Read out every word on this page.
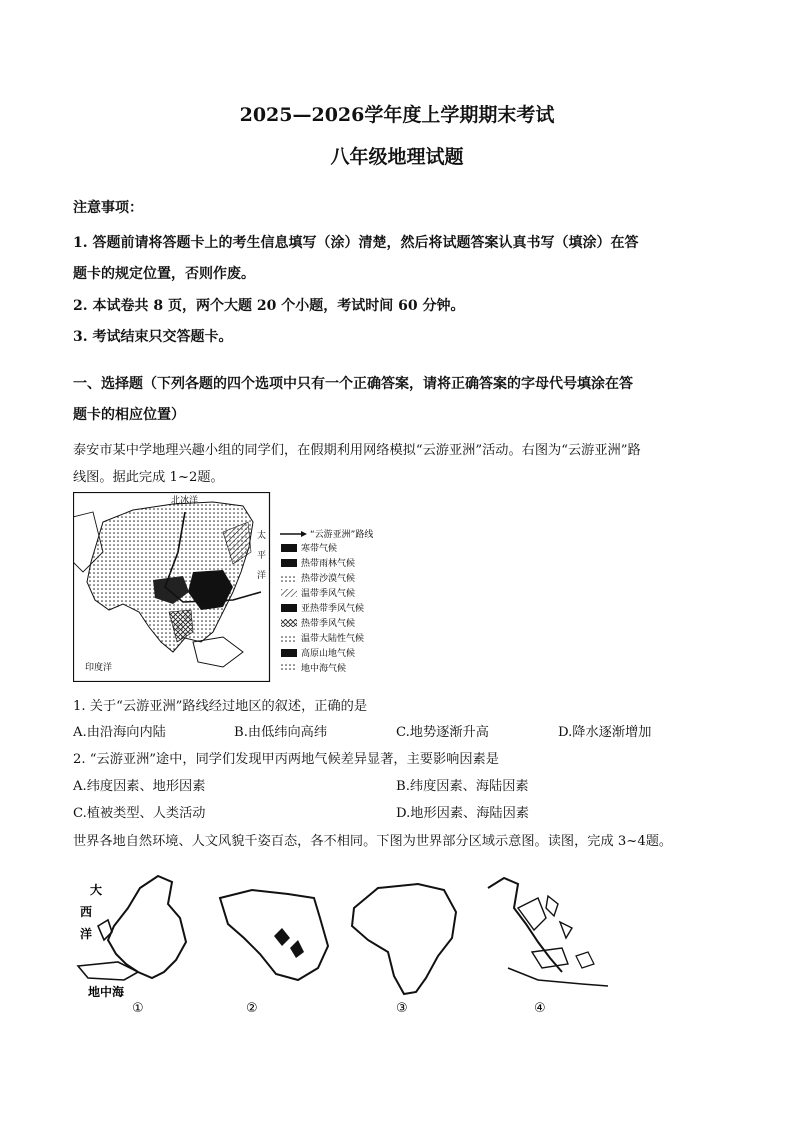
2025—2026学年度上学期期末考试
八年级地理试题
注意事项：
1. 答题前请将答题卡上的考生信息填写（涂）清楚，然后将试题答案认真书写（填涂）在答
题卡的规定位置，否则作废。
2. 本试卷共 8 页，两个大题 20 个小题，考试时间 60 分钟。
3. 考试结束只交答题卡。
一、选择题（下列各题的四个选项中只有一个正确答案，请将正确答案的字母代号填涂在答
题卡的相应位置）
泰安市某中学地理兴趣小组的同学们，在假期利用网络模拟“云游亚洲”活动。右图为“云游亚洲”路
线图。据此完成 1~2题。
北冰洋
太
平
洋
印度洋
“云游亚洲”路线
寒带气候
热带雨林气候
热带沙漠气候
温带季风气候
亚热带季风气候
热带季风气候
温带大陆性气候
高原山地气候
地中海气候
1. 关于“云游亚洲”路线经过地区的叙述，正确的是
A.由沿海向内陆	B.由低纬向高纬	C.地势逐渐升高	D.降水逐渐增加
2. “云游亚洲”途中，同学们发现甲丙两地气候差异显著，主要影响因素是
A.纬度因素、地形因素	B.纬度因素、海陆因素
C.植被类型、人类活动	D.地形因素、海陆因素
世界各地自然环境、人文风貌千姿百态，各不相同。下图为世界部分区域示意图。读图，完成 3~4题。
大
西
洋
地中海
①	②	③	④
